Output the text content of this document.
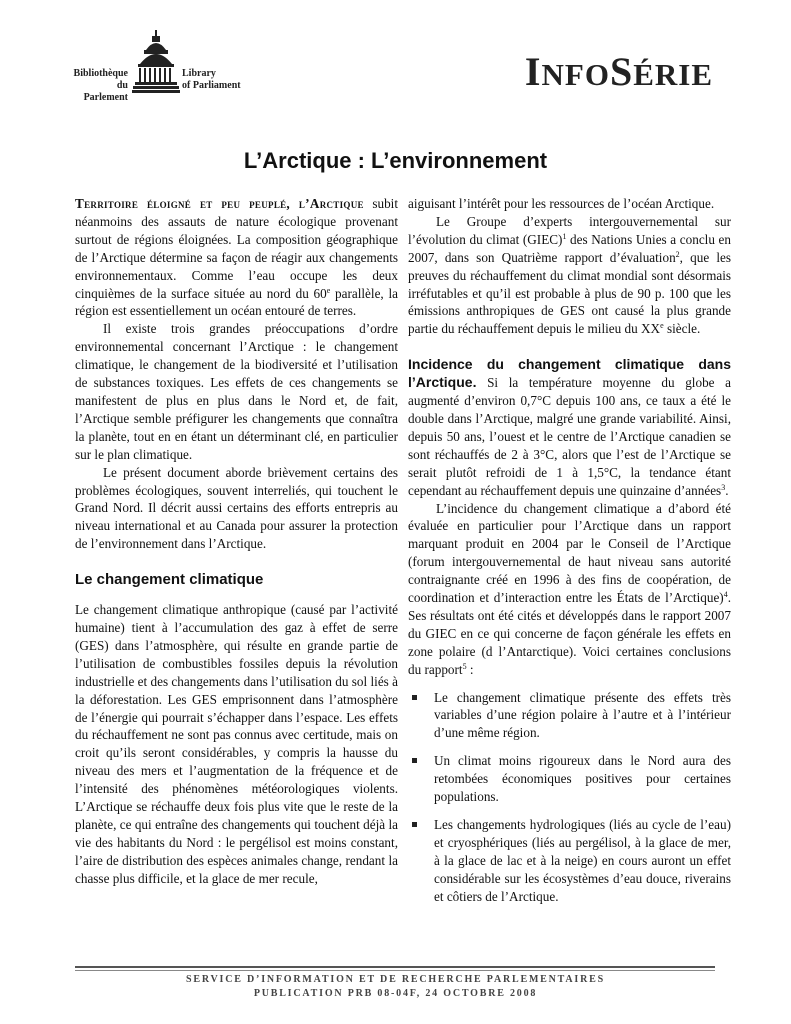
Bibliothèque
du Parlement
Library
of Parliament	INFOSÉRIE
L’Arctique : L’environnement

Territoire éloigné et peu peuplé, l’Arctique subit néanmoins des assauts de nature écologique provenant surtout de régions éloignées. La composition géographique de l’Arctique détermine sa façon de réagir aux changements environnementaux. Comme l’eau occupe les deux cinquièmes de la surface située au nord du 60e parallèle, la région est essentiellement un océan entouré de terres.

Il existe trois grandes préoccupations d’ordre environnemental concernant l’Arctique : le changement climatique, le changement de la biodiversité et l’utilisation de substances toxiques. Les effets de ces changements se manifestent de plus en plus dans le Nord et, de fait, l’Arctique semble préfigurer les changements que connaîtra la planète, tout en en étant un déterminant clé, en particulier sur le plan climatique.

Le présent document aborde brièvement certains des problèmes écologiques, souvent interreliés, qui touchent le Grand Nord. Il décrit aussi certains des efforts entrepris au niveau international et au Canada pour assurer la protection de l’environnement dans l’Arctique.

Le changement climatique

Le changement climatique anthropique (causé par l’activité humaine) tient à l’accumulation des gaz à effet de serre (GES) dans l’atmosphère, qui résulte en grande partie de l’utilisation de combustibles fossiles depuis la révolution industrielle et des changements dans l’utilisation du sol liés à la déforestation. Les GES emprisonnent dans l’atmosphère de l’énergie qui pourrait s’échapper dans l’espace. Les effets du réchauffement ne sont pas connus avec certitude, mais on croit qu’ils seront considérables, y compris la hausse du niveau des mers et l’augmentation de la fréquence et de l’intensité des phénomènes météorologiques violents. L’Arctique se réchauffe deux fois plus vite que le reste de la planète, ce qui entraîne des changements qui touchent déjà la vie des habitants du Nord : le pergélisol est moins constant, l’aire de distribution des espèces animales change, rendant la chasse plus difficile, et la glace de mer recule,

aiguisant l’intérêt pour les ressources de l’océan Arctique.

Le Groupe d’experts intergouvernemental sur l’évolution du climat (GIEC)$^1$ des Nations Unies a conclu en 2007, dans son Quatrième rapport d’évaluation$^2$, que les preuves du réchauffement du climat mondial sont désormais irréfutables et qu’il est probable à plus de 90 p. 100 que les émissions anthropiques de GES ont causé la plus grande partie du réchauffement depuis le milieu du XXe siècle.

Incidence du changement climatique dans l’Arctique. Si la température moyenne du globe a augmenté d’environ 0,7°C depuis 100 ans, ce taux a été le double dans l’Arctique, malgré une grande variabilité. Ainsi, depuis 50 ans, l’ouest et le centre de l’Arctique canadien se sont réchauffés de 2 à 3°C, alors que l’est de l’Arctique se serait plutôt refroidi de 1 à 1,5°C, la tendance étant cependant au réchauffement depuis une quinzaine d’années$^3$.

L’incidence du changement climatique a d’abord été évaluée en particulier pour l’Arctique dans un rapport marquant produit en 2004 par le Conseil de l’Arctique (forum intergouvernemental de haut niveau sans autorité contraignante créé en 1996 à des fins de coopération, de coordination et d’interaction entre les États de l’Arctique)$^4$. Ses résultats ont été cités et développés dans le rapport 2007 du GIEC en ce qui concerne de façon générale les effets en zone polaire (d l’Antarctique). Voici certaines conclusions du rapport$^5$ :

Le changement climatique présente des effets très variables d’une région polaire à l’autre et à l’intérieur d’une même région.
Un climat moins rigoureux dans le Nord aura des retombées économiques positives pour certaines populations.
Les changements hydrologiques (liés au cycle de l’eau) et cryosphériques (liés au pergélisol, à la glace de mer, à la glace de lac et à la neige) en cours auront un effet considérable sur les écosystèmes d’eau douce, riverains et côtiers de l’Arctique.
SERVICE D’INFORMATION ET DE RECHERCHE PARLEMENTAIRES
PUBLICATION PRB 08-04F, 24 OCTOBRE 2008
